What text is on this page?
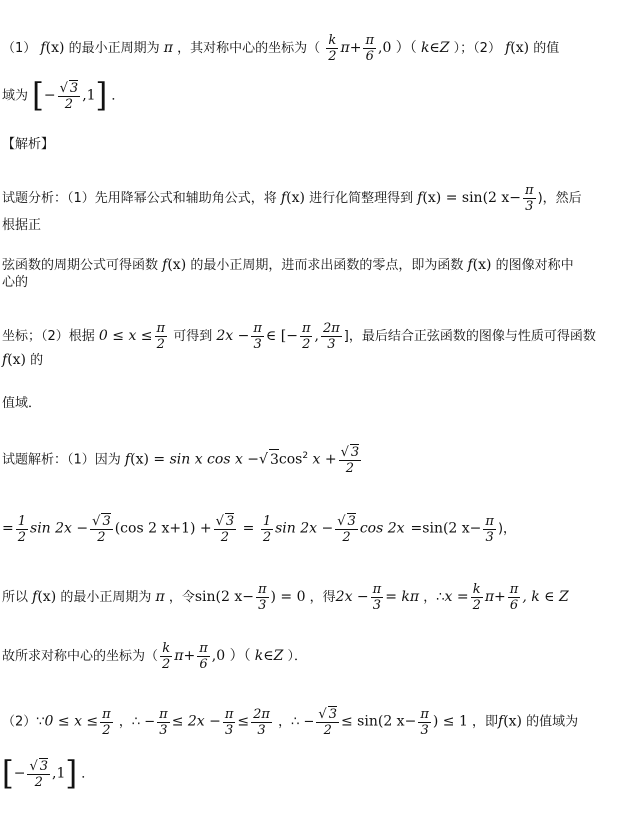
（1） f(x) 的最小正周期为 π ，其对称中心的坐标为（ $\frac{k}{2} \pi+ \frac{\pi}{6} ,0$ ）（ k∈Z ）；（2） f(x) 的值
域为 [− $\frac{√ 3}{2} ,1$] ．
【解析】
试题分析：（1）先用降幂公式和辅助角公式，将 f(x) 进行化简整理得到 f(x) = sin(2 $x- \frac{\pi}{3}$ )，然后
根据正
弦函数的周期公式可得函数 f(x) 的最小正周期，进而求出函数的零点，即为函数 f(x) 的图像对称中
心的
坐标；（2）根据 $0 \le x \le \frac{\pi}{2}$ 可得到 $2x - \frac{\pi}{3}$ ∈ [− $\frac{\pi}{2}$ , $\frac{2\pi}{3}$ ]，最后结合正弦函数的图像与性质可得函数
f(x) 的
值域．
试题解析：（1）因为 f(x) = sin x cos x −√ $3\cos^2$ $x + \frac{√ 3}{2}$
= $\frac{1}{2}$ $\sin 2x - \frac{√ 3}{2} (\cos$ 2 $x+1) + \frac{√ 3}{2} = \frac{1}{2}$ $\sin 2x - \frac{√ 3}{2}$ cos 2x =sin(2 $x- \frac{\pi}{3}$ )，
所以 f(x) 的最小正周期为 π ，令sin(2 $x- \frac{\pi}{3}$ ) = 0 ，得$2x - \frac{\pi}{3} = k\pi$ ，∴x = $\frac{k}{2} \pi+ \frac{\pi}{6}$ , k ∈ Z
故所求对称中心的坐标为（ $\frac{k}{2} \pi+ \frac{\pi}{6} ,0$ ）（ k∈Z ）．
（2）∵0 ≤ $x \le \frac{\pi}{2}$ ，∴ − $\frac{\pi}{3} \le 2x - \frac{\pi}{3} \le \frac{2\pi}{3}$ ，∴ − $\frac{√ 3}{2} \le \sin(2$ $x- \frac{\pi}{3}$ ) ≤ 1 ，即f(x) 的值域为
[− $\frac{√ 3}{2} ,1$] ．
